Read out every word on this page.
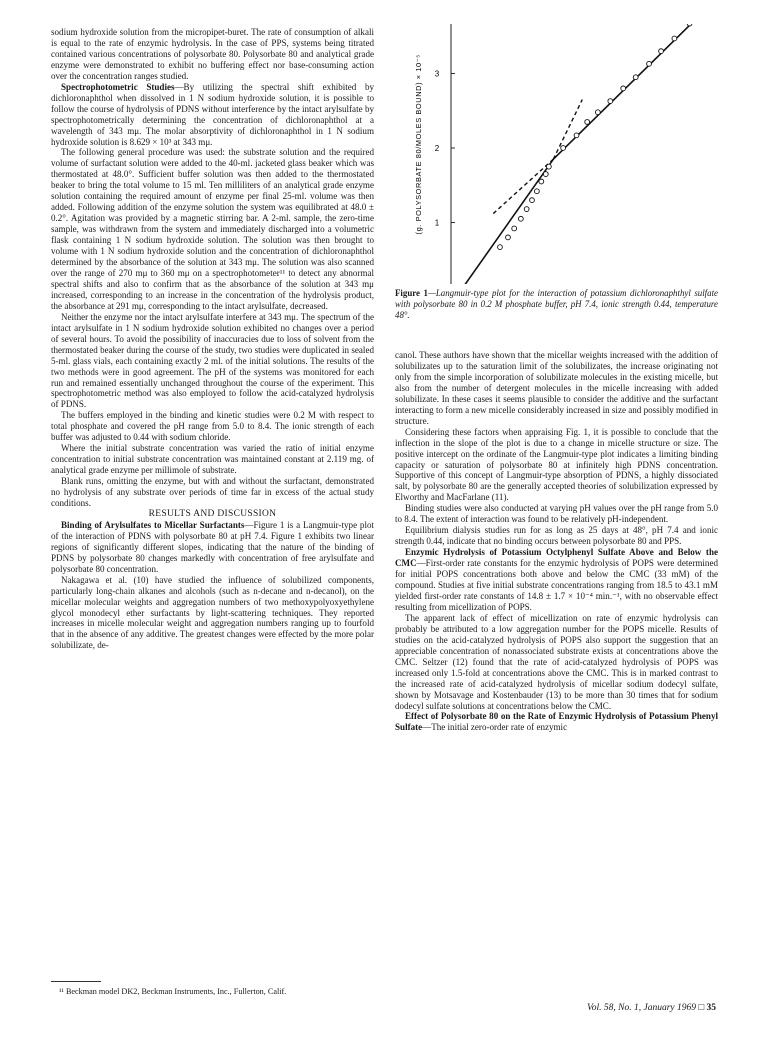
sodium hydroxide solution from the micropipet-buret. The rate of consumption of alkali is equal to the rate of enzymic hydrolysis. In the case of PPS, systems being titrated contained various concentrations of polysorbate 80. Polysorbate 80 and analytical grade enzyme were demonstrated to exhibit no buffering effect nor base-consuming action over the concentration ranges studied.

Spectrophotometric Studies—By utilizing the spectral shift exhibited by dichloronaphthol when dissolved in 1 N sodium hydroxide solution, it is possible to follow the course of hydrolysis of PDNS without interference by the intact arylsulfate by spectrophotometrically determining the concentration of dichloronaphthol at a wavelength of 343 mμ. The molar absorptivity of dichloronaphthol in 1 N sodium hydroxide solution is 8.629 × 10³ at 343 mμ.

The following general procedure was used: the substrate solution and the required volume of surfactant solution were added to the 40-ml. jacketed glass beaker which was thermostated at 48.0°. Sufficient buffer solution was then added to the thermostated beaker to bring the total volume to 15 ml. Ten milliliters of an analytical grade enzyme solution containing the required amount of enzyme per final 25-ml. volume was then added. Following addition of the enzyme solution the system was equilibrated at 48.0 ± 0.2°. Agitation was provided by a magnetic stirring bar. A 2-ml. sample, the zero-time sample, was withdrawn from the system and immediately discharged into a volumetric flask containing 1 N sodium hydroxide solution. The solution was then brought to volume with 1 N sodium hydroxide solution and the concentration of dichloronaphthol determined by the absorbance of the solution at 343 mμ. The solution was also scanned over the range of 270 mμ to 360 mμ on a spectrophotometer¹¹ to detect any abnormal spectral shifts and also to confirm that as the absorbance of the solution at 343 mμ increased, corresponding to an increase in the concentration of the hydrolysis product, the absorbance at 291 mμ, corresponding to the intact arylsulfate, decreased.

Neither the enzyme nor the intact arylsulfate interfere at 343 mμ. The spectrum of the intact arylsulfate in 1 N sodium hydroxide solution exhibited no changes over a period of several hours. To avoid the possibility of inaccuracies due to loss of solvent from the thermostated beaker during the course of the study, two studies were duplicated in sealed 5-ml. glass vials, each containing exactly 2 ml. of the initial solutions. The results of the two methods were in good agreement. The pH of the systems was monitored for each run and remained essentially unchanged throughout the course of the experiment. This spectrophotometric method was also employed to follow the acid-catalyzed hydrolysis of PDNS.

The buffers employed in the binding and kinetic studies were 0.2 M with respect to total phosphate and covered the pH range from 5.0 to 8.4. The ionic strength of each buffer was adjusted to 0.44 with sodium chloride.

Where the initial substrate concentration was varied the ratio of initial enzyme concentration to initial substrate concentration was maintained constant at 2.119 mg. of analytical grade enzyme per millimole of substrate.

Blank runs, omitting the enzyme, but with and without the surfactant, demonstrated no hydrolysis of any substrate over periods of time far in excess of the actual study conditions.

RESULTS AND DISCUSSION

Binding of Arylsulfates to Micellar Surfactants—Figure 1 is a Langmuir-type plot of the interaction of PDNS with polysorbate 80 at pH 7.4. Figure 1 exhibits two linear regions of significantly different slopes, indicating that the nature of the binding of PDNS by polysorbate 80 changes markedly with concentration of free arylsulfate and polysorbate 80 concentration.

Nakagawa et al. (10) have studied the influence of solubilized components, particularly long-chain alkanes and alcohols (such as n-decane and n-decanol), on the micellar molecular weights and aggregation numbers of two methoxypolyoxyethylene glycol monodecyl ether surfactants by light-scattering techniques. They reported increases in micelle molecular weight and aggregation numbers ranging up to fourfold that in the absence of any additive. The greatest changes were effected by the more polar solubilizate, de-

¹¹ Beckman model DK2, Beckman Instruments, Inc., Fullerton, Calif.

1
2
3
(g. POLYSORBATE 80/MOLES BOUND) × 10⁻⁵
Figure 1—Langmuir-type plot for the interaction of potassium dichloronaphthyl sulfate with polysorbate 80 in 0.2 M phosphate buffer, pH 7.4, ionic strength 0.44, temperature 48°.

canol. These authors have shown that the micellar weights increased with the addition of solubilizates up to the saturation limit of the solubilizates, the increase originating not only from the simple incorporation of solubilizate molecules in the existing micelle, but also from the number of detergent molecules in the micelle increasing with added solubilizate. In these cases it seems plausible to consider the additive and the surfactant interacting to form a new micelle considerably increased in size and possibly modified in structure.

Considering these factors when appraising Fig. 1, it is possible to conclude that the inflection in the slope of the plot is due to a change in micelle structure or size. The positive intercept on the ordinate of the Langmuir-type plot indicates a limiting binding capacity or saturation of polysorbate 80 at infinitely high PDNS concentration. Supportive of this concept of Langmuir-type absorption of PDNS, a highly dissociated salt, by polysorbate 80 are the generally accepted theories of solubilization expressed by Elworthy and MacFarlane (11).

Binding studies were also conducted at varying pH values over the pH range from 5.0 to 8.4. The extent of interaction was found to be relatively pH-independent.

Equilibrium dialysis studies run for as long as 25 days at 48°, pH 7.4 and ionic strength 0.44, indicate that no binding occurs between polysorbate 80 and PPS.

Enzymic Hydrolysis of Potassium Octylphenyl Sulfate Above and Below the CMC—First-order rate constants for the enzymic hydrolysis of POPS were determined for initial POPS concentrations both above and below the CMC (33 mM) of the compound. Studies at five initial substrate concentrations ranging from 18.5 to 43.1 mM yielded first-order rate constants of 14.8 ± 1.7 × 10⁻⁴ min.⁻¹, with no observable effect resulting from micellization of POPS.

The apparent lack of effect of micellization on rate of enzymic hydrolysis can probably be attributed to a low aggregation number for the POPS micelle. Results of studies on the acid-catalyzed hydrolysis of POPS also support the suggestion that an appreciable concentration of nonassociated substrate exists at concentrations above the CMC. Seltzer (12) found that the rate of acid-catalyzed hydrolysis of POPS was increased only 1.5-fold at concentrations above the CMC. This is in marked contrast to the increased rate of acid-catalyzed hydrolysis of micellar sodium dodecyl sulfate, shown by Motsavage and Kostenbauder (13) to be more than 30 times that for sodium dodecyl sulfate solutions at concentrations below the CMC.

Effect of Polysorbate 80 on the Rate of Enzymic Hydrolysis of Potassium Phenyl Sulfate—The initial zero-order rate of enzymic

Vol. 58, No. 1, January 1969 □ 35
